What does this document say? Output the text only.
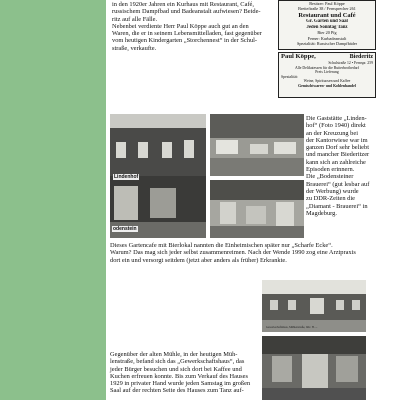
in den 1920er Jahren ein Kurhaus mit Restaurant, Café,
russischem Dampfbad und Badeanstalt aufwiesen? Beide-
ritz auf alle Fälle.
Nebenbei verdiente Herr Paul Köppe auch gut an den
Waren, die er in seinem Lebensmittelladen, fast gegenüber
vom heutigen Kindergarten „Storchennest“ in der Schul-
straße, verkaufte.
Besitzer: Paul Köppe
Breiteftraße 38 / Fernsprecher 261
Restaurant und Café
Gr. Garten und Saal
Jeden Sonntag Tanz
Bier 20 Pfg
Ferner: Kurbadeanstalt
Spezialität: Russischer Dampfbäder
Paul Köppe,	Biederitz
Schulstraße 12 • Fernspr. 259
Alle Delikatessen für die Butterbrotbedarf
Preis Lieferung
Spezialität:
Weine, Spirituosen und Kaffee
Gemischtwaren- und Kohlenhandel
Lindenhof
odenstein
Die Gaststätte „Linden-
hof“ (Foto 1940) direkt
an der Kreuzung bei
der Kantorwiese war im
ganzen Dorf sehr beliebt
und mancher Biederitzer
kann sich an zahlreiche
Episoden erinnern.
Die „Bodensteiner
Brauerei“ (gut lesbar auf
der Werbung) wurde
zu DDR-Zeiten die
„Diamant - Brauerei“ in
Magdeburg.
Dieses Gartencafe mit Bierlokal nannten die Einheimischen später nur „Scharfe Ecke“.
Warum? Das mag sich jeder selbst zusammenreimen. Nach der Wende 1990 zog eine Arztpraxis
dort ein und versorgt seitdem (jetzt aber anders als früher) Erkrankte.
Gewerkschaftshaus, Mühlenstraße, Inh.: H. ...
Gegenüber der alten Mühle, in der heutigen Müh-
lenstraße, befand sich das „Gewerkschaftshaus“, das
jeder Bürger besuchen und sich dort bei Kaffee und
Kuchen erfreuen konnte. Bis zum Verkauf des Hauses
1929 in privater Hand wurde jeden Samstag im großen
Saal auf der rechten Seite des Hauses zum Tanz auf-
